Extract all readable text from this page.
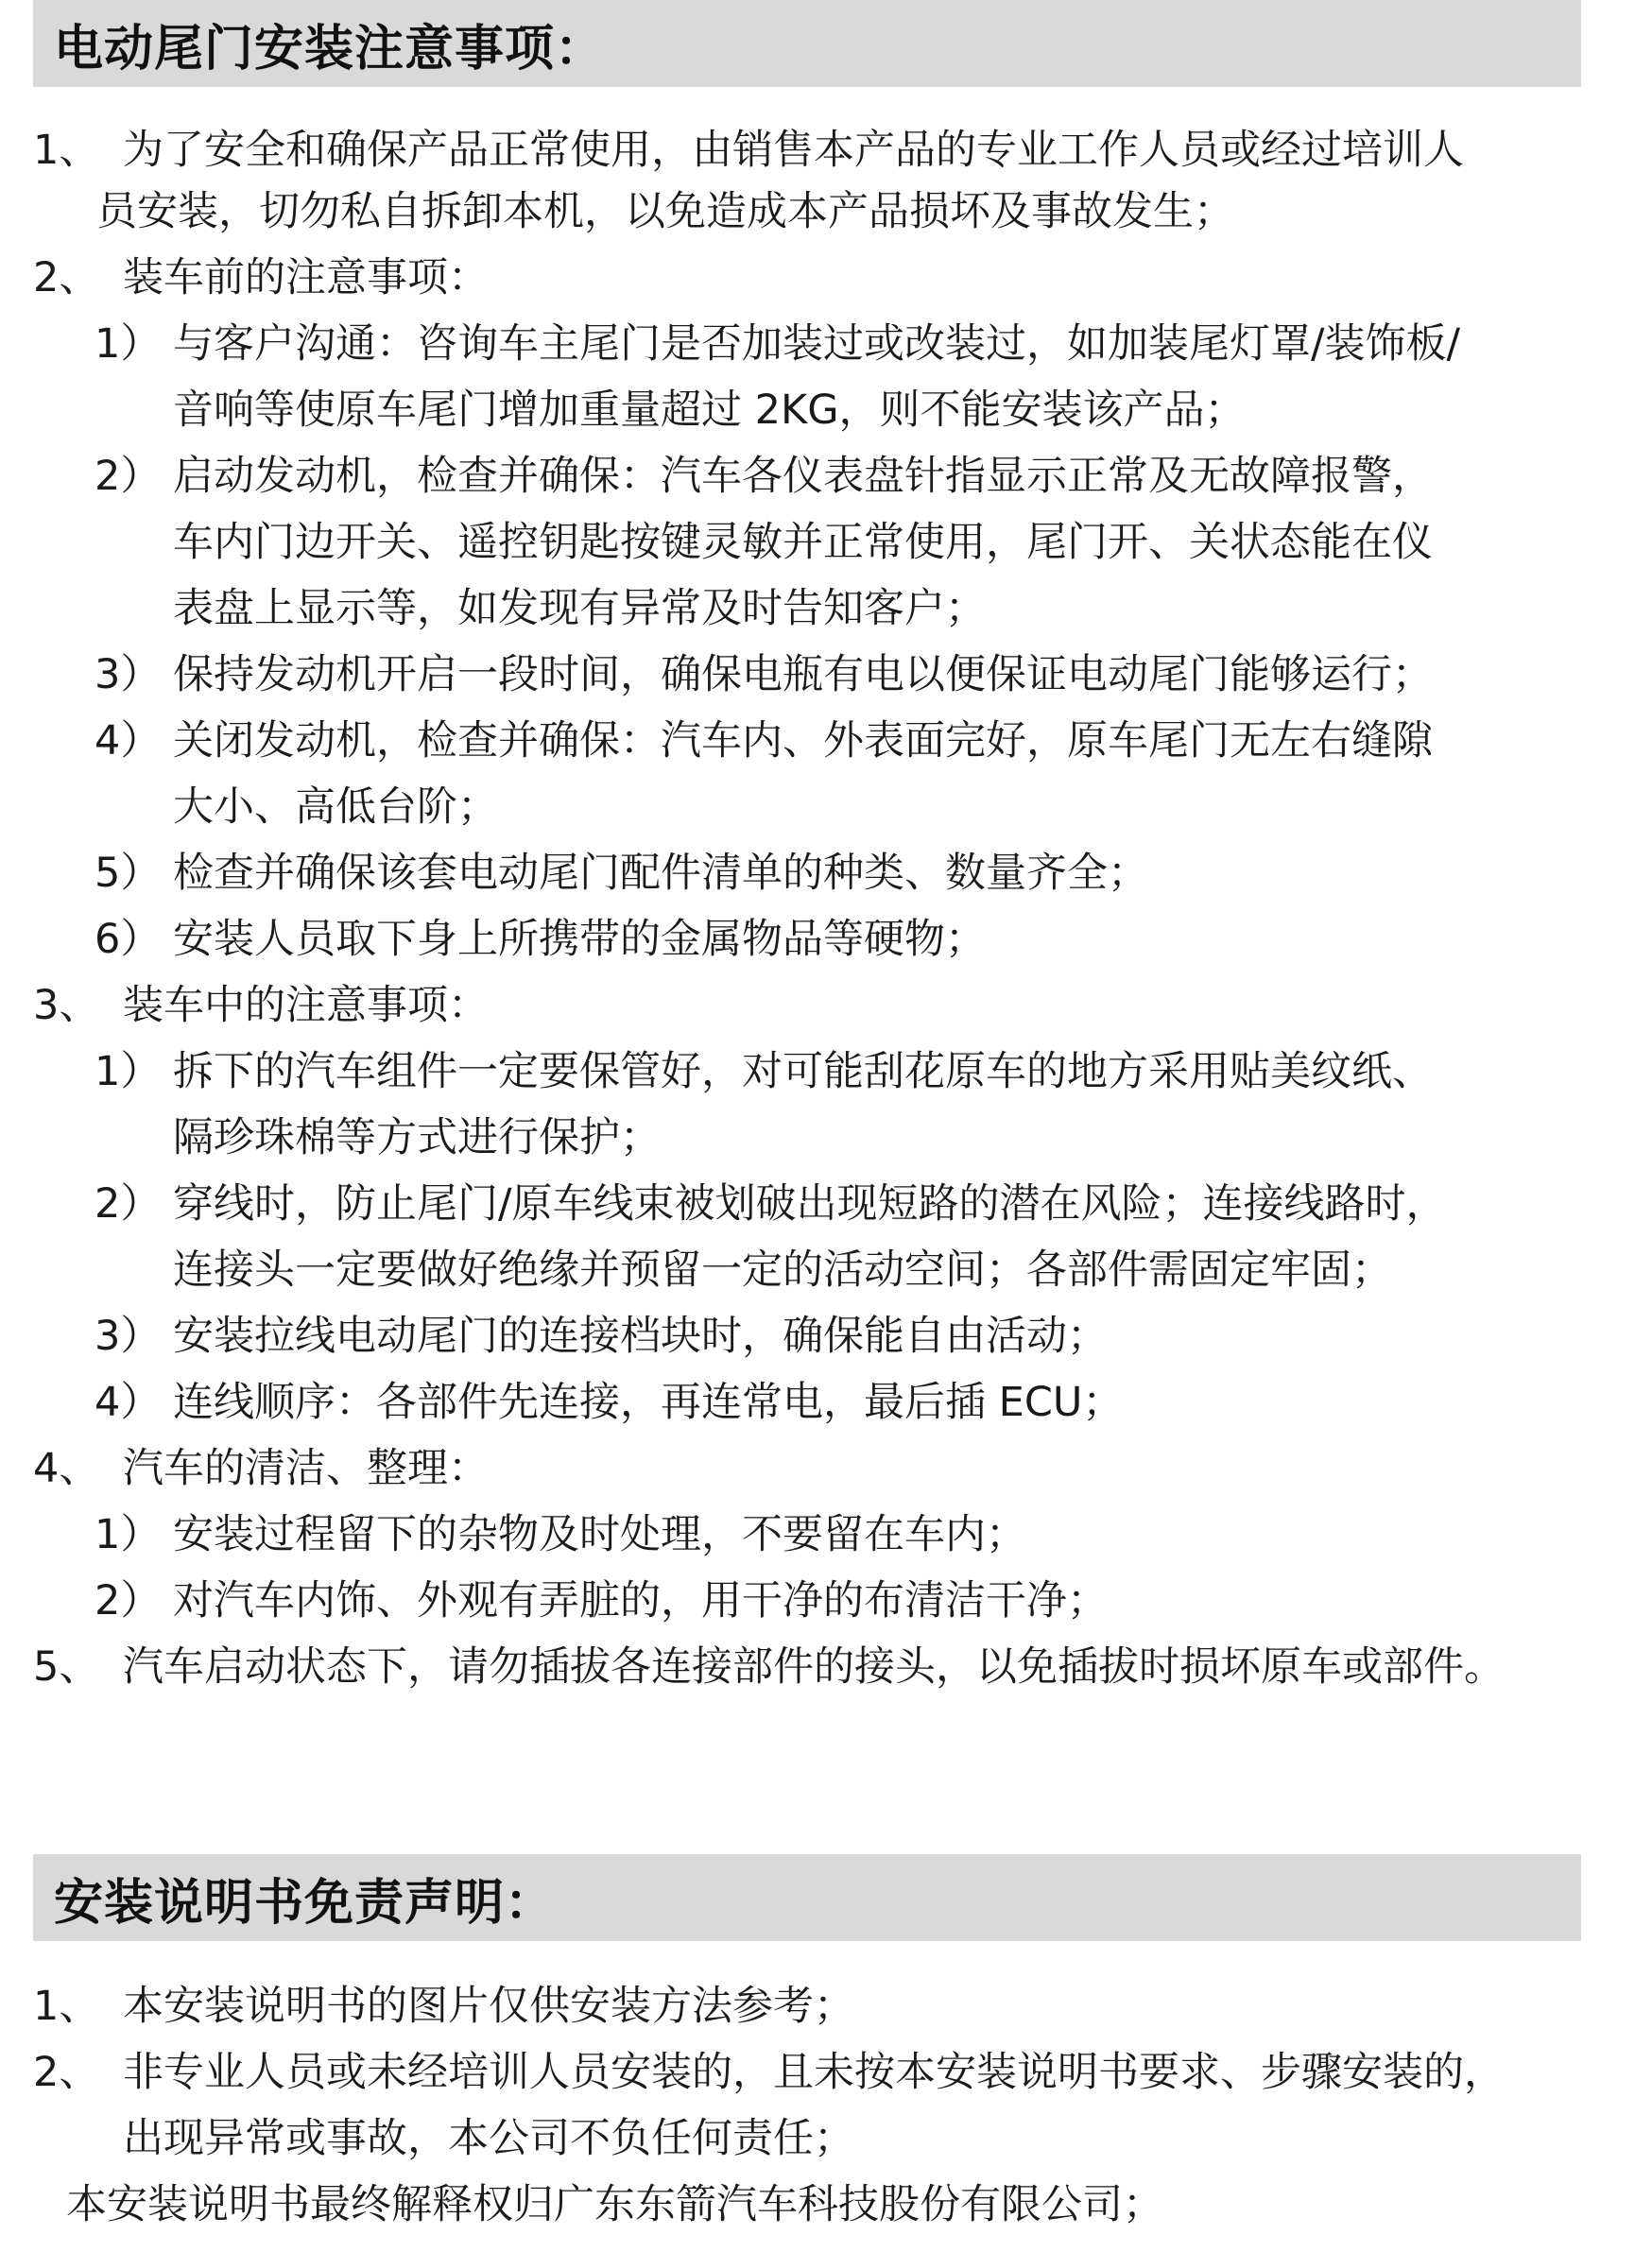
电动尾门安装注意事项：
1、 为了安全和确保产品正常使用，由销售本产品的专业工作人员或经过培训人
员安装，切勿私自拆卸本机，以免造成本产品损坏及事故发生；
2、 装车前的注意事项：
1） 与客户沟通：咨询车主尾门是否加装过或改装过，如加装尾灯罩/装饰板/
音响等使原车尾门增加重量超过 2KG，则不能安装该产品；
2） 启动发动机，检查并确保：汽车各仪表盘针指显示正常及无故障报警，
车内门边开关、遥控钥匙按键灵敏并正常使用，尾门开、关状态能在仪
表盘上显示等，如发现有异常及时告知客户；
3） 保持发动机开启一段时间，确保电瓶有电以便保证电动尾门能够运行；
4） 关闭发动机，检查并确保：汽车内、外表面完好，原车尾门无左右缝隙
大小、高低台阶；
5） 检查并确保该套电动尾门配件清单的种类、数量齐全；
6） 安装人员取下身上所携带的金属物品等硬物；
3、 装车中的注意事项：
1） 拆下的汽车组件一定要保管好，对可能刮花原车的地方采用贴美纹纸、
隔珍珠棉等方式进行保护；
2） 穿线时，防止尾门/原车线束被划破出现短路的潜在风险；连接线路时，
连接头一定要做好绝缘并预留一定的活动空间；各部件需固定牢固；
3） 安装拉线电动尾门的连接档块时，确保能自由活动；
4） 连线顺序：各部件先连接，再连常电，最后插 ECU；
4、 汽车的清洁、整理：
1） 安装过程留下的杂物及时处理，不要留在车内；
2） 对汽车内饰、外观有弄脏的，用干净的布清洁干净；
5、 汽车启动状态下，请勿插拔各连接部件的接头，以免插拔时损坏原车或部件。
安装说明书免责声明：
1、 本安装说明书的图片仅供安装方法参考；
2、 非专业人员或未经培训人员安装的，且未按本安装说明书要求、步骤安装的，
出现异常或事故，本公司不负任何责任；
本安装说明书最终解释权归广东东箭汽车科技股份有限公司；
